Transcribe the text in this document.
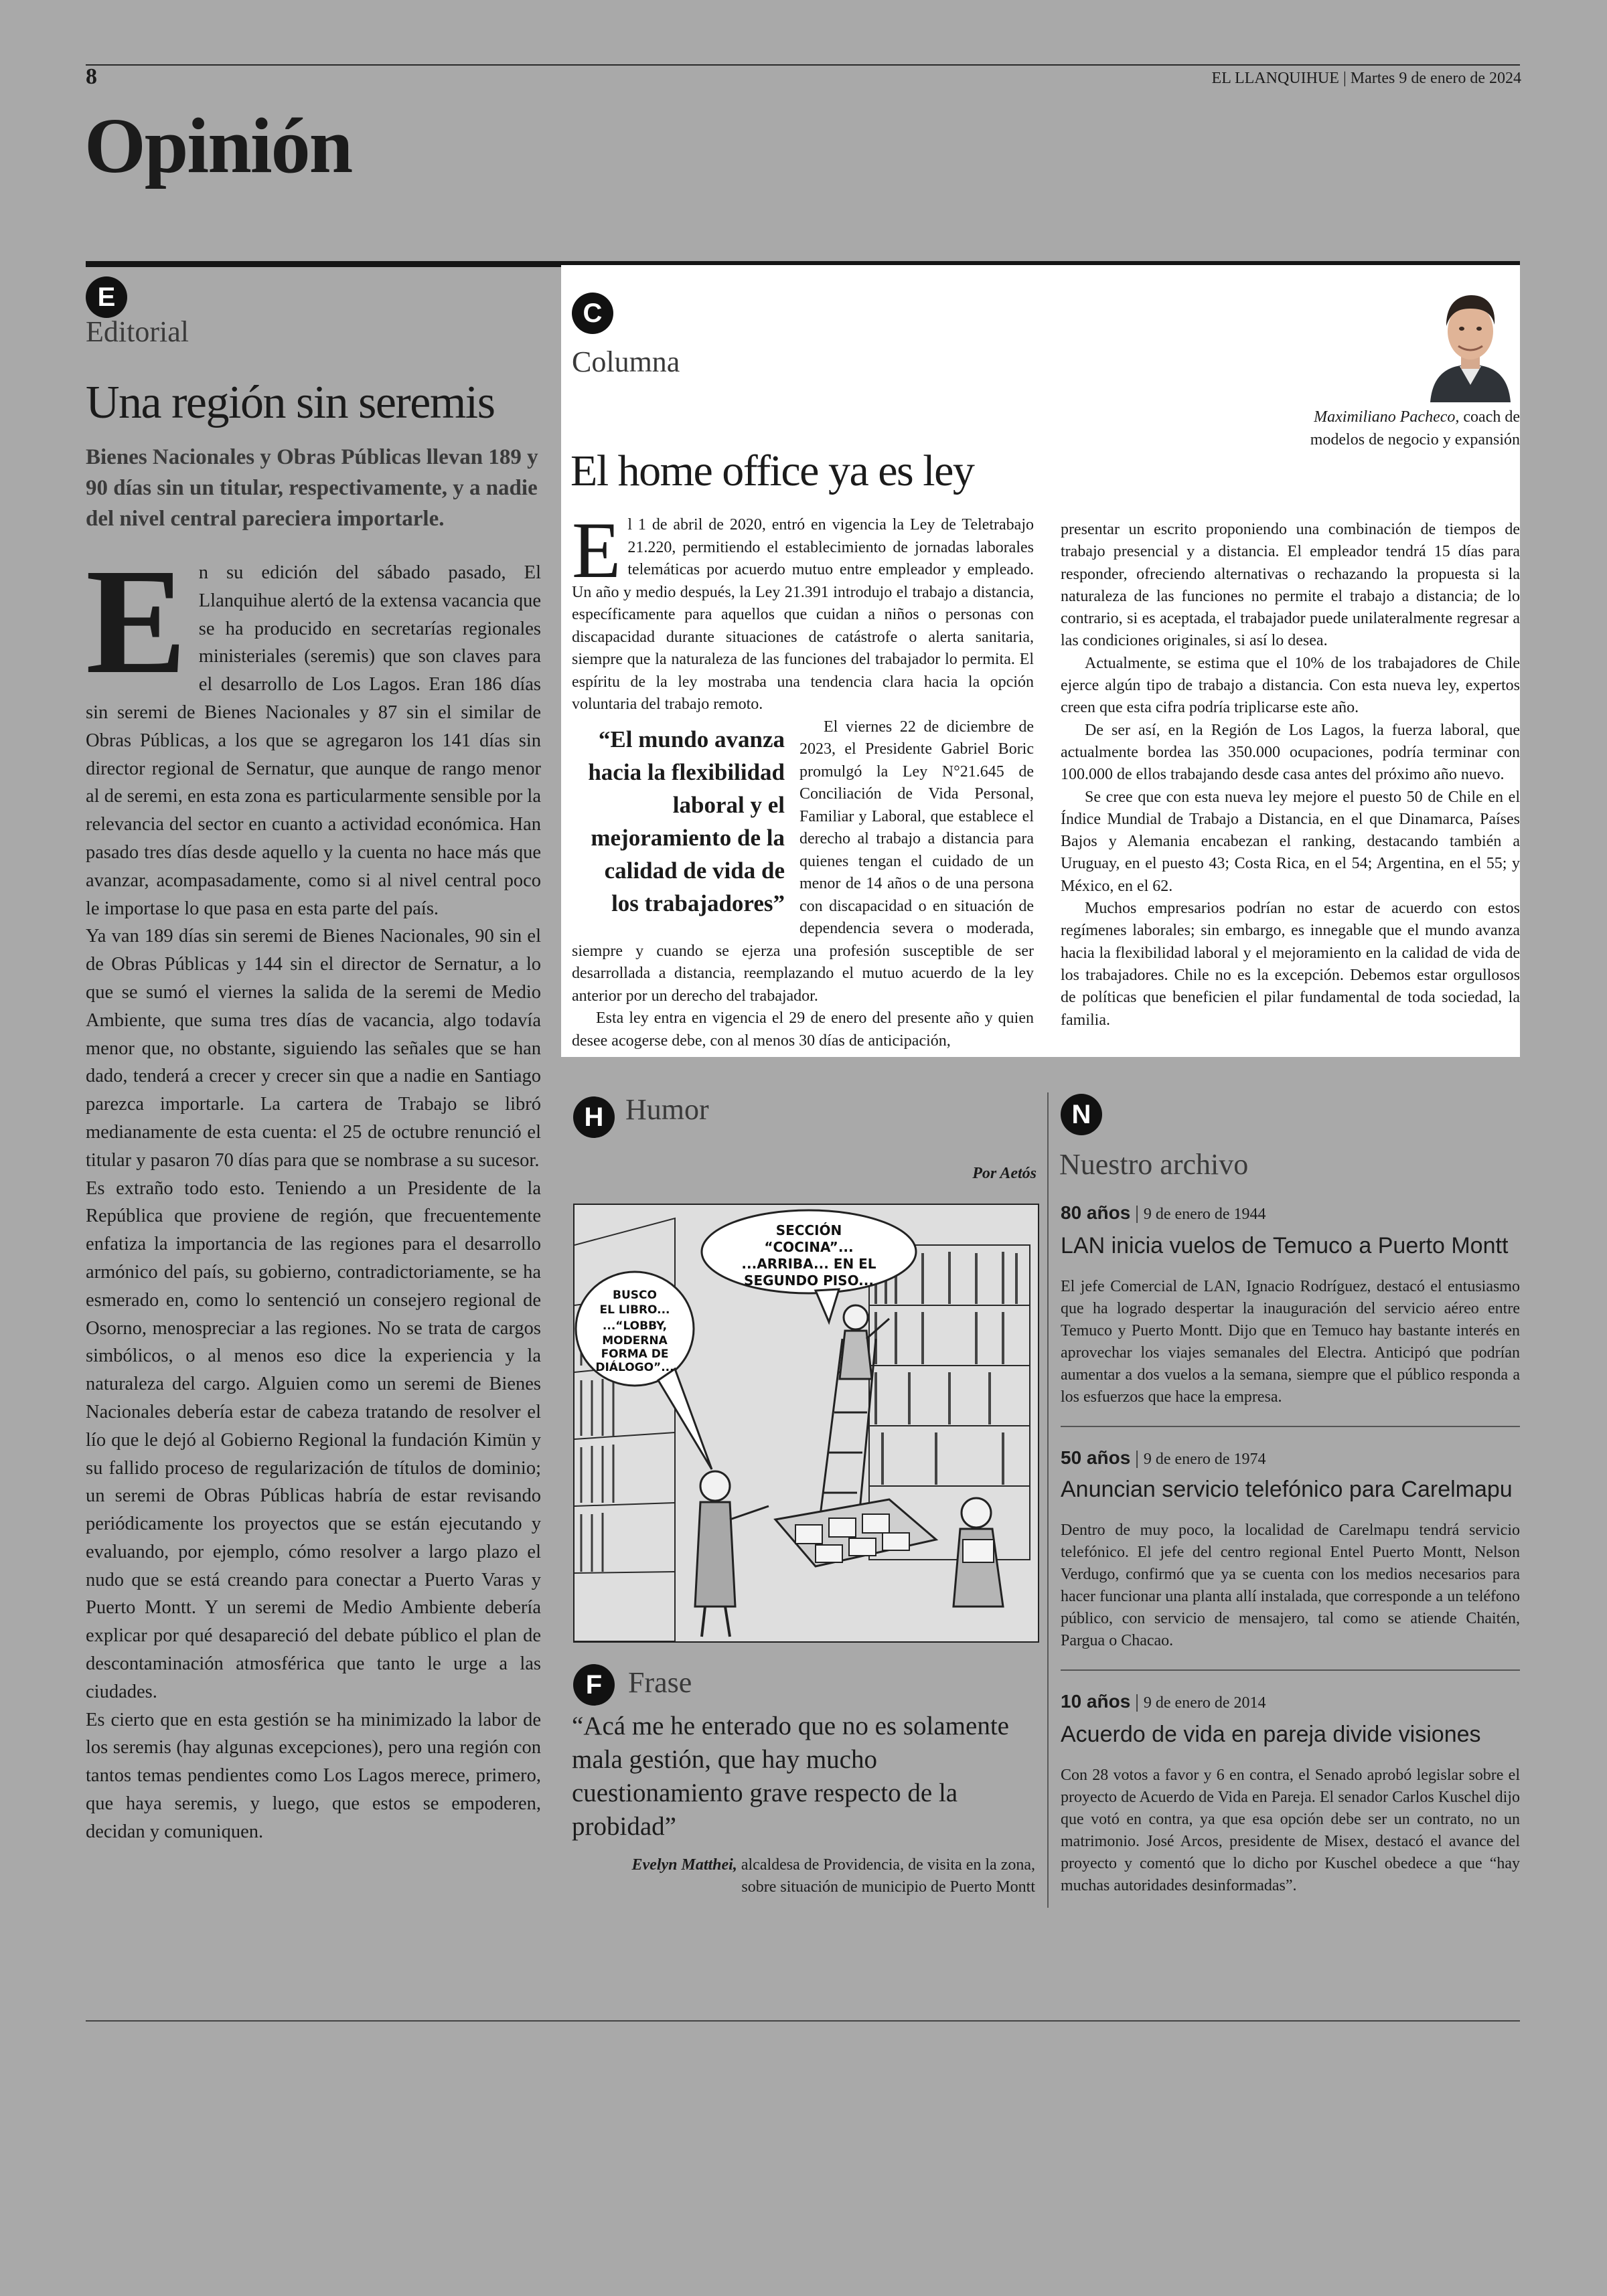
8	EL LLANQUIHUE | Martes 9 de enero de 2024
Opinión
E
Editorial
Una región sin seremis
Bienes Nacionales y Obras Públicas llevan 189 y 90 días sin un titular, respectivamente, y a nadie del nivel central pareciera importarle.

En su edición del sábado pasado, El Llanquihue alertó de la extensa vacancia que se ha producido en secretarías regionales ministeriales (seremis) que son claves para el desarrollo de Los Lagos. Eran 186 días sin seremi de Bienes Nacionales y 87 sin el similar de Obras Públicas, a los que se agregaron los 141 días sin director regional de Sernatur, que aunque de rango menor al de seremi, en esta zona es particularmente sensible por la relevancia del sector en cuanto a actividad económica. Han pasado tres días desde aquello y la cuenta no hace más que avanzar, acompasadamente, como si al nivel central poco le importase lo que pasa en esta parte del país.

Ya van 189 días sin seremi de Bienes Nacionales, 90 sin el de Obras Públicas y 144 sin el director de Sernatur, a lo que se sumó el viernes la salida de la seremi de Medio Ambiente, que suma tres días de vacancia, algo todavía menor que, no obstante, siguiendo las señales que se han dado, tenderá a crecer y crecer sin que a nadie en Santiago parezca importarle. La cartera de Trabajo se libró medianamente de esta cuenta: el 25 de octubre renunció el titular y pasaron 70 días para que se nombrase a su sucesor.

Es extraño todo esto. Teniendo a un Presidente de la República que proviene de región, que frecuentemente enfatiza la importancia de las regiones para el desarrollo armónico del país, su gobierno, contradictoriamente, se ha esmerado en, como lo sentenció un consejero regional de Osorno, menospreciar a las regiones. No se trata de cargos simbólicos, o al menos eso dice la experiencia y la naturaleza del cargo. Alguien como un seremi de Bienes Nacionales debería estar de cabeza tratando de resolver el lío que le dejó al Gobierno Regional la fundación Kimün y su fallido proceso de regularización de títulos de dominio; un seremi de Obras Públicas habría de estar revisando periódicamente los proyectos que se están ejecutando y evaluando, por ejemplo, cómo resolver a largo plazo el nudo que se está creando para conectar a Puerto Varas y Puerto Montt. Y un seremi de Medio Ambiente debería explicar por qué desapareció del debate público el plan de descontaminación atmosférica que tanto le urge a las ciudades.

Es cierto que en esta gestión se ha minimizado la labor de los seremis (hay algunas excepciones), pero una región con tantos temas pendientes como Los Lagos merece, primero, que haya seremis, y luego, que estos se empoderen, decidan y comuniquen.

C
Columna
El home office ya es ley
Maximiliano Pacheco, coach de modelos de negocio y expansión

El 1 de abril de 2020, entró en vigencia la Ley de Teletrabajo 21.220, permitiendo el establecimiento de jornadas laborales telemáticas por acuerdo mutuo entre empleador y empleado. Un año y medio después, la Ley 21.391 introdujo el trabajo a distancia, específicamente para aquellos que cuidan a niños o personas con discapacidad durante situaciones de catástrofe o alerta sanitaria, siempre que la naturaleza de las funciones del trabajador lo permita. El espíritu de la ley mostraba una tendencia clara hacia la opción voluntaria del trabajo remoto.

“El mundo avanza hacia la flexibilidad laboral y el mejoramiento de la calidad de vida de los trabajadores”

El viernes 22 de diciembre de 2023, el Presidente Gabriel Boric promulgó la Ley N°21.645 de Conciliación de Vida Personal, Familiar y Laboral, que establece el derecho al trabajo a distancia para quienes tengan el cuidado de un menor de 14 años o de una persona con discapacidad o en situación de dependencia severa o moderada, siempre y cuando se ejerza una profesión susceptible de ser desarrollada a distancia, reemplazando el mutuo acuerdo de la ley anterior por un derecho del trabajador.

Esta ley entra en vigencia el 29 de enero del presente año y quien desee acogerse debe, con al menos 30 días de anticipación,

presentar un escrito proponiendo una combinación de tiempos de trabajo presencial y a distancia. El empleador tendrá 15 días para responder, ofreciendo alternativas o rechazando la propuesta si la naturaleza de las funciones no permite el trabajo a distancia; de lo contrario, si es aceptada, el trabajador puede unilateralmente regresar a las condiciones originales, si así lo desea.

Actualmente, se estima que el 10% de los trabajadores de Chile ejerce algún tipo de trabajo a distancia. Con esta nueva ley, expertos creen que esta cifra podría triplicarse este año.

De ser así, en la Región de Los Lagos, la fuerza laboral, que actualmente bordea las 350.000 ocupaciones, podría terminar con 100.000 de ellos trabajando desde casa antes del próximo año nuevo.

Se cree que con esta nueva ley mejore el puesto 50 de Chile en el Índice Mundial de Trabajo a Distancia, en el que Dinamarca, Países Bajos y Alemania encabezan el ranking, destacando también a Uruguay, en el puesto 43; Costa Rica, en el 54; Argentina, en el 55; y México, en el 62.

Muchos empresarios podrían no estar de acuerdo con estos regímenes laborales; sin embargo, es innegable que el mundo avanza hacia la flexibilidad laboral y el mejoramiento en la calidad de vida de los trabajadores. Chile no es la excepción. Debemos estar orgullosos de políticas que beneficien el pilar fundamental de toda sociedad, la familia.

H Humor
Por Aetós
SECCIÓN
“COCINA”...
...ARRIBA... EN EL
SEGUNDO PISO...
BUSCO
EL LIBRO...
...“LOBBY,
MODERNA
FORMA DE
DIÁLOGO”...
F Frase
“Acá me he enterado que no es solamente mala gestión, que hay mucho cuestionamiento grave respecto de la probidad”
Evelyn Matthei, alcaldesa de Providencia, de visita en la zona, sobre situación de municipio de Puerto Montt
N
Nuestro archivo
80 años | 9 de enero de 1944
LAN inicia vuelos de Temuco a Puerto Montt
El jefe Comercial de LAN, Ignacio Rodríguez, destacó el entusiasmo que ha logrado despertar la inauguración del servicio aéreo entre Temuco y Puerto Montt. Dijo que en Temuco hay bastante interés en aprovechar los viajes semanales del Electra. Anticipó que podrían aumentar a dos vuelos a la semana, siempre que el público responda a los esfuerzos que hace la empresa.
50 años | 9 de enero de 1974
Anuncian servicio telefónico para Carelmapu
Dentro de muy poco, la localidad de Carelmapu tendrá servicio telefónico. El jefe del centro regional Entel Puerto Montt, Nelson Verdugo, confirmó que ya se cuenta con los medios necesarios para hacer funcionar una planta allí instalada, que corresponde a un teléfono público, con servicio de mensajero, tal como se atiende Chaitén, Pargua o Chacao.
10 años | 9 de enero de 2014
Acuerdo de vida en pareja divide visiones
Con 28 votos a favor y 6 en contra, el Senado aprobó legislar sobre el proyecto de Acuerdo de Vida en Pareja. El senador Carlos Kuschel dijo que votó en contra, ya que esa opción debe ser un contrato, no un matrimonio. José Arcos, presidente de Misex, destacó el avance del proyecto y comentó que lo dicho por Kuschel obedece a que “hay muchas autoridades desinformadas”.
